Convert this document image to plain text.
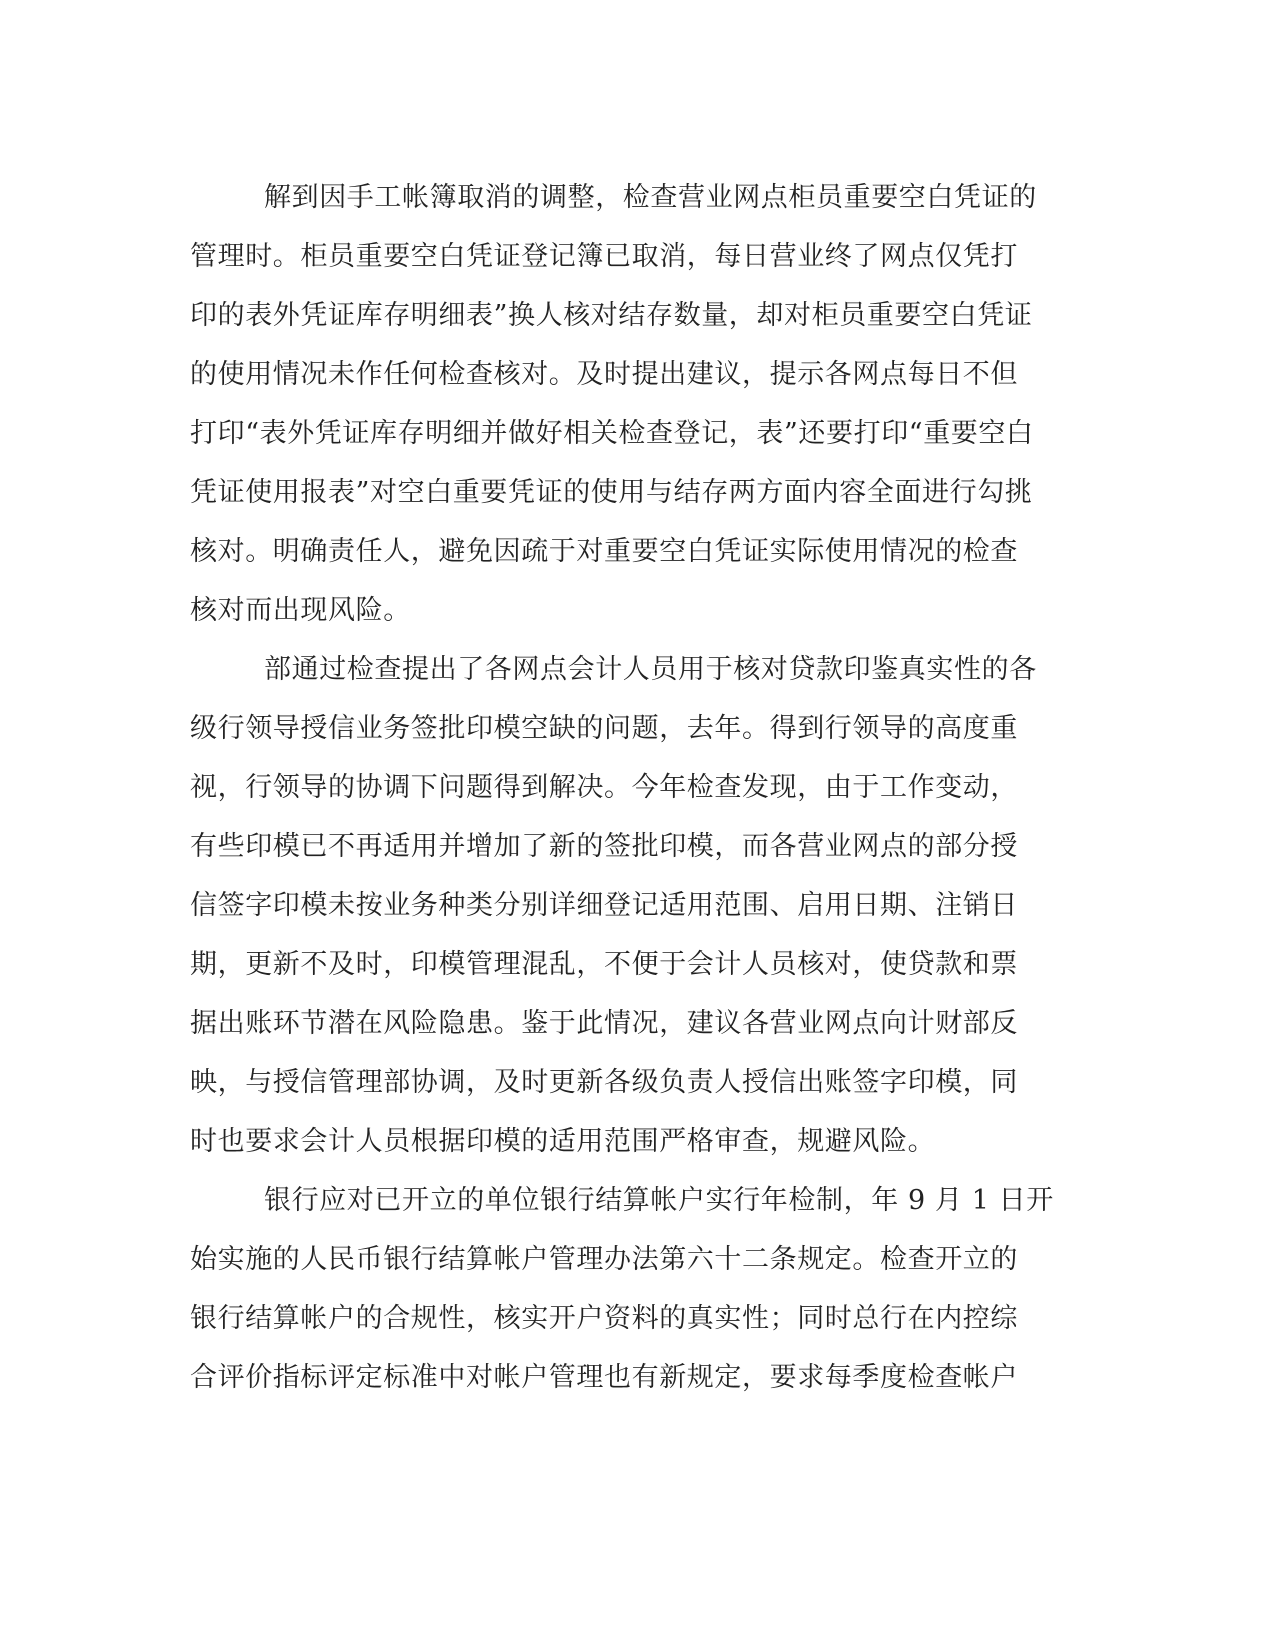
解到因手工帐簿取消的调整，检查营业网点柜员重要空白凭证的
管理时。柜员重要空白凭证登记簿已取消，每日营业终了网点仅凭打
印的表外凭证库存明细表”换人核对结存数量，却对柜员重要空白凭证
的使用情况未作任何检查核对。及时提出建议，提示各网点每日不但
打印“表外凭证库存明细并做好相关检查登记，表”还要打印“重要空白
凭证使用报表”对空白重要凭证的使用与结存两方面内容全面进行勾挑
核对。明确责任人，避免因疏于对重要空白凭证实际使用情况的检查
核对而出现风险。
部通过检查提出了各网点会计人员用于核对贷款印鉴真实性的各
级行领导授信业务签批印模空缺的问题，去年。得到行领导的高度重
视，行领导的协调下问题得到解决。今年检查发现，由于工作变动，
有些印模已不再适用并增加了新的签批印模，而各营业网点的部分授
信签字印模未按业务种类分别详细登记适用范围、启用日期、注销日
期，更新不及时，印模管理混乱，不便于会计人员核对，使贷款和票
据出账环节潜在风险隐患。鉴于此情况，建议各营业网点向计财部反
映，与授信管理部协调，及时更新各级负责人授信出账签字印模，同
时也要求会计人员根据印模的适用范围严格审查，规避风险。
银行应对已开立的单位银行结算帐户实行年检制，年 9 月 1 日开
始实施的人民币银行结算帐户管理办法第六十二条规定。检查开立的
银行结算帐户的合规性，核实开户资料的真实性；同时总行在内控综
合评价指标评定标准中对帐户管理也有新规定，要求每季度检查帐户
